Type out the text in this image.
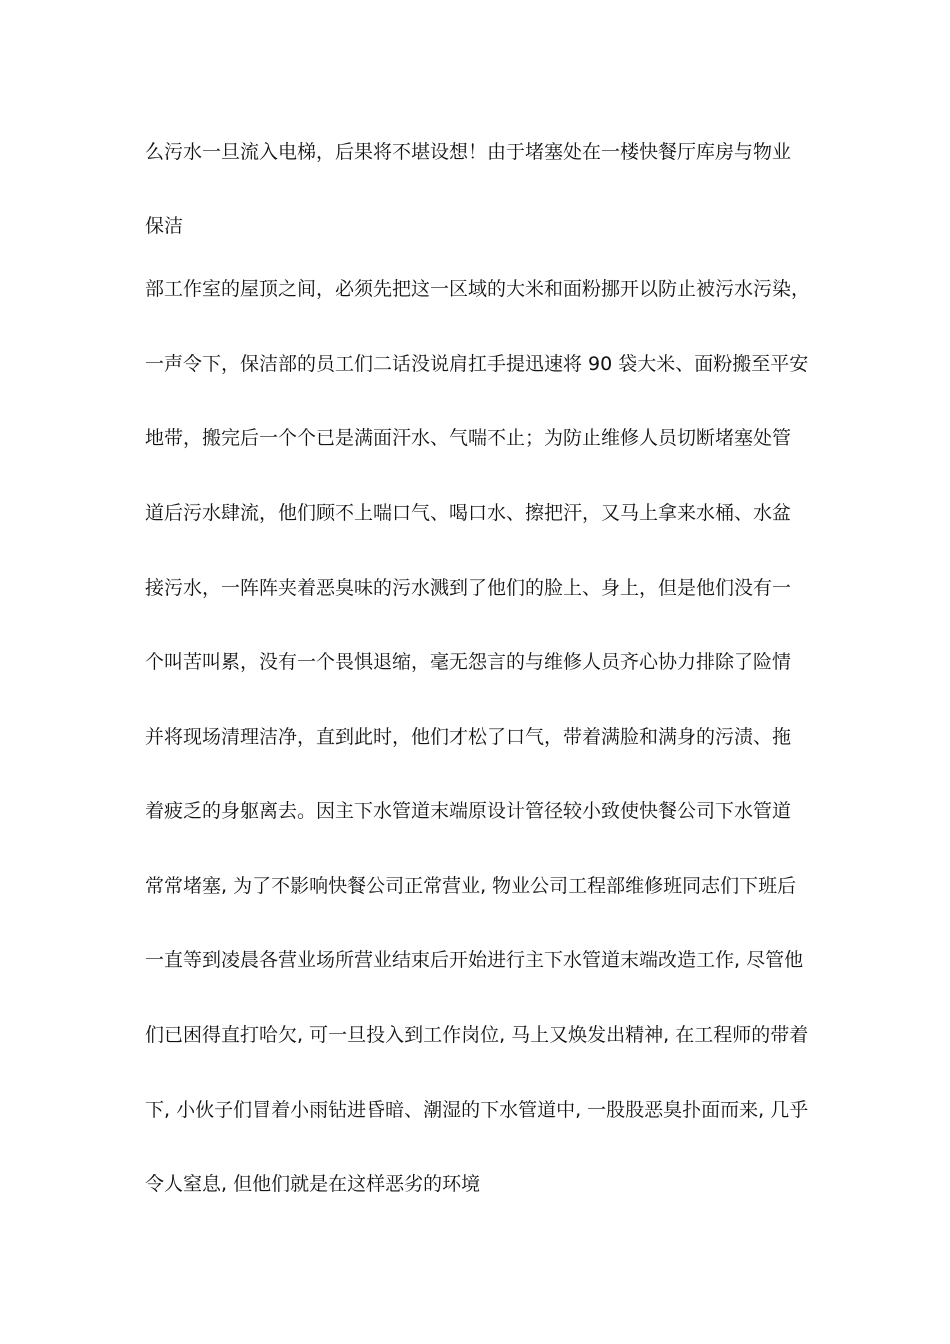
么污水一旦流入电梯，后果将不堪设想！由于堵塞处在一楼快餐厅库房与物业
保洁
部工作室的屋顶之间，必须先把这一区域的大米和面粉挪开以防止被污水污染，
一声令下，保洁部的员工们二话没说肩扛手提迅速将 90 袋大米、面粉搬至平安
地带，搬完后一个个已是满面汗水、气喘不止；为防止维修人员切断堵塞处管
道后污水肆流，他们顾不上喘口气、喝口水、擦把汗，又马上拿来水桶、水盆
接污水，一阵阵夹着恶臭味的污水溅到了他们的脸上、身上，但是他们没有一
个叫苦叫累，没有一个畏惧退缩，毫无怨言的与维修人员齐心协力排除了险情
并将现场清理洁净，直到此时，他们才松了口气，带着满脸和满身的污渍、拖
着疲乏的身躯离去。因主下水管道末端原设计管径较小致使快餐公司下水管道
常常堵塞, 为了不影响快餐公司正常营业, 物业公司工程部维修班同志们下班后
一直等到凌晨各营业场所营业结束后开始进行主下水管道末端改造工作, 尽管他
们已困得直打哈欠, 可一旦投入到工作岗位, 马上又焕发出精神, 在工程师的带着
下, 小伙子们冒着小雨钻进昏暗、潮湿的下水管道中, 一股股恶臭扑面而来, 几乎
令人窒息, 但他们就是在这样恶劣的环境
